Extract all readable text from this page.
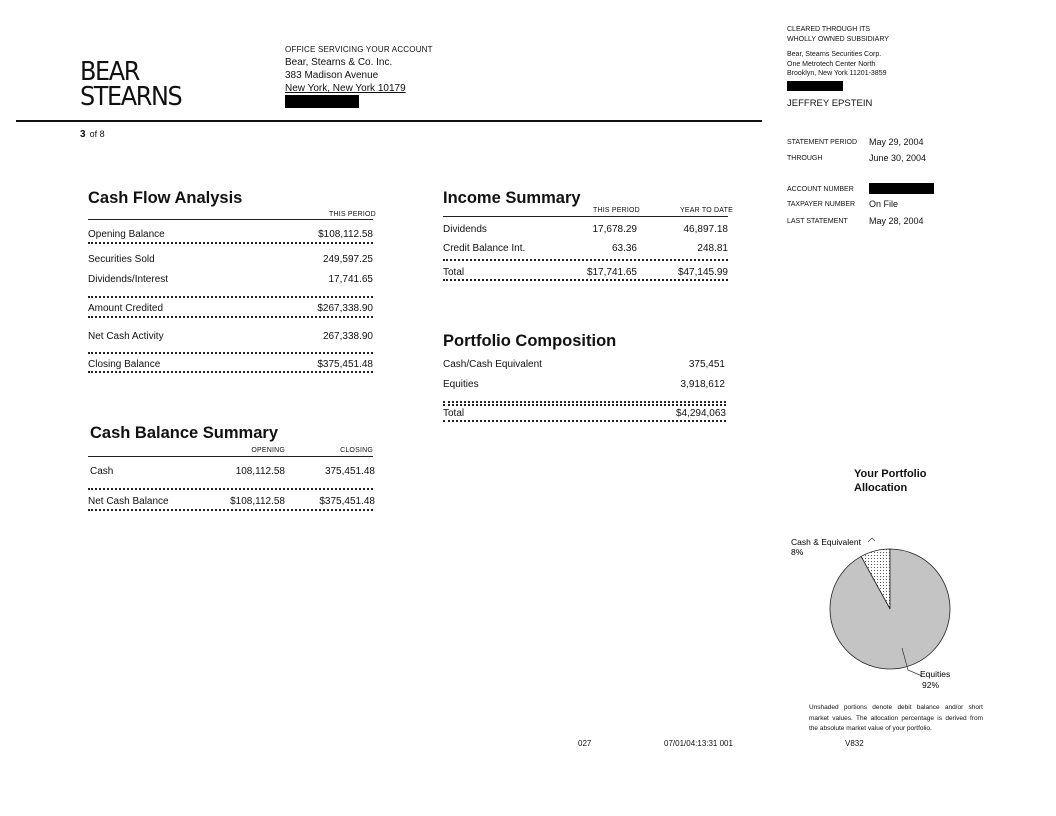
BEAR
STEARNS
OFFICE SERVICING YOUR ACCOUNT
Bear, Stearns & Co. Inc.
383 Madison Avenue
New York, New York 10179
3 of 8
CLEARED THROUGH ITS
WHOLLY OWNED SUBSIDIARY
Bear, Stearns Securities Corp.
One Metrotech Center North
Brooklyn, New York 11201-3859
JEFFREY EPSTEIN
STATEMENT PERIOD May 29, 2004
THROUGH	June 30, 2004
ACCOUNT NUMBER
TAXPAYER NUMBER On File
LAST STATEMENT May 28, 2004
Cash Flow Analysis
THIS PERIOD
Opening Balance	$108,112.58
Securities Sold	249,597.25
Dividends/Interest	17,741.65
Amount Credited	$267,338.90
Net Cash Activity	267,338.90
Closing Balance	$375,451.48
Cash Balance Summary
OPENING	CLOSING
Cash	108,112.58	375,451.48
Net Cash Balance	$108,112.58	$375,451.48
Income Summary
THIS PERIOD	YEAR TO DATE
Dividends	17,678.29	46,897.18
Credit Balance Int.	63.36	248.81
Total	$17,741.65	$47,145.99
Portfolio Composition
Cash/Cash Equivalent	375,451
Equities	3,918,612
Total	$4,294,063
Your Portfolio
Allocation
Cash & Equivalent
8%
Equities
92%
Unshaded portions denote debit balance and/or short market values. The allocation percentage is derived from the absolute market value of your portfolio.
027	07/01/04:13:31 001	V832
